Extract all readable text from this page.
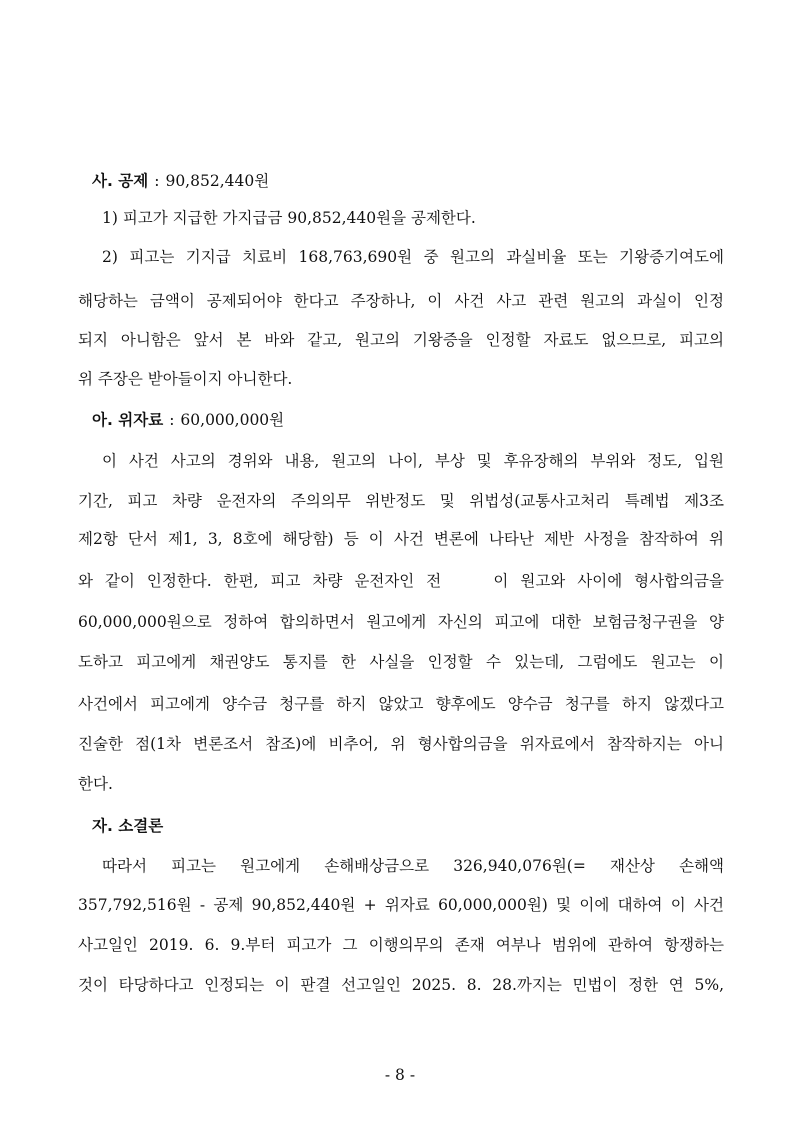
사. 공제 : 90,852,440원
1) 피고가 지급한 가지급금 90,852,440원을 공제한다.
2) 피고는 기지급 치료비 168,763,690원 중 원고의 과실비율 또는 기왕증기여도에
해당하는 금액이 공제되어야 한다고 주장하나, 이 사건 사고 관련 원고의 과실이 인정
되지 아니함은 앞서 본 바와 같고, 원고의 기왕증을 인정할 자료도 없으므로, 피고의
위 주장은 받아들이지 아니한다.
아. 위자료 : 60,000,000원
이 사건 사고의 경위와 내용, 원고의 나이, 부상 및 후유장해의 부위와 정도, 입원
기간, 피고 차량 운전자의 주의의무 위반정도 및 위법성(교통사고처리 특례법 제3조
제2항 단서 제1, 3, 8호에 해당함) 등 이 사건 변론에 나타난 제반 사정을 참작하여 위
와 같이 인정한다. 한편, 피고 차량 운전자인 전　　이 원고와 사이에 형사합의금을
60,000,000원으로 정하여 합의하면서 원고에게 자신의 피고에 대한 보험금청구권을 양
도하고 피고에게 채권양도 통지를 한 사실을 인정할 수 있는데, 그럼에도 원고는 이
사건에서 피고에게 양수금 청구를 하지 않았고 향후에도 양수금 청구를 하지 않겠다고
진술한 점(1차 변론조서 참조)에 비추어, 위 형사합의금을 위자료에서 참작하지는 아니
한다.
자. 소결론
따라서 피고는 원고에게 손해배상금으로 326,940,076원(= 재산상 손해액
357,792,516원 - 공제 90,852,440원 + 위자료 60,000,000원) 및 이에 대하여 이 사건
사고일인 2019. 6. 9.부터 피고가 그 이행의무의 존재 여부나 범위에 관하여 항쟁하는
것이 타당하다고 인정되는 이 판결 선고일인 2025. 8. 28.까지는 민법이 정한 연 5%,
- 8 -
